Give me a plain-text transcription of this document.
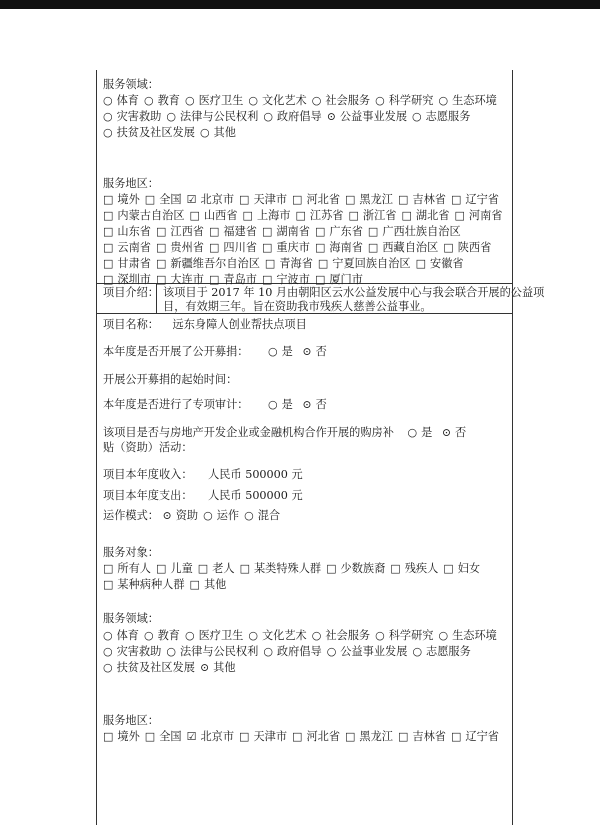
服务领域：
○ 体育 ○ 教育 ○ 医疗卫生 ○ 文化艺术 ○ 社会服务 ○ 科学研究 ○ 生态环境○ 灾害救助 ○ 法律与公民权利 ○ 政府倡导 ⊙ 公益事业发展 ○ 志愿服务○ 扶贫及社区发展 ○ 其他
服务地区：
□ 境外 □ 全国 ☑ 北京市 □ 天津市 □ 河北省 □ 黑龙江 □ 吉林省 □ 辽宁省□ 内蒙古自治区 □ 山西省 □ 上海市 □ 江苏省 □ 浙江省 □ 湖北省 □ 河南省□ 山东省 □ 江西省 □ 福建省 □ 湖南省 □ 广东省 □ 广西壮族自治区□ 云南省 □ 贵州省 □ 四川省 □ 重庆市 □ 海南省 □ 西藏自治区 □ 陕西省□ 甘肃省 □ 新疆维吾尔自治区 □ 青海省 □ 宁夏回族自治区 □ 安徽省□ 深圳市 □ 大连市 □ 青岛市 □ 宁波市 □ 厦门市
项目介绍： 该项目于 2017 年 10 月由朝阳区云水公益发展中心与我会联合开展的公益项
目，有效期三年。旨在资助我市残疾人慈善公益事业。
项目名称： 远东身障人创业帮扶点项目
本年度是否开展了公开募捐： ○ 是 ⊙ 否
开展公开募捐的起始时间：
本年度是否进行了专项审计： ○ 是 ⊙ 否
该项目是否与房地产开发企业或金融机构合作开展的购房补 ○ 是 ⊙ 否
贴（资助）活动：
项目本年度收入： 人民币 500000 元
项目本年度支出： 人民币 500000 元
运作模式： ⊙ 资助 ○ 运作 ○ 混合
服务对象：
□ 所有人 □ 儿童 □ 老人 □ 某类特殊人群 □ 少数族裔 □ 残疾人 □ 妇女□ 某种病种人群 □ 其他
服务领域：
○ 体育 ○ 教育 ○ 医疗卫生 ○ 文化艺术 ○ 社会服务 ○ 科学研究 ○ 生态环境○ 灾害救助 ○ 法律与公民权利 ○ 政府倡导 ○ 公益事业发展 ○ 志愿服务○ 扶贫及社区发展 ⊙ 其他
服务地区：
□ 境外 □ 全国 ☑ 北京市 □ 天津市 □ 河北省 □ 黑龙江 □ 吉林省 □ 辽宁省
